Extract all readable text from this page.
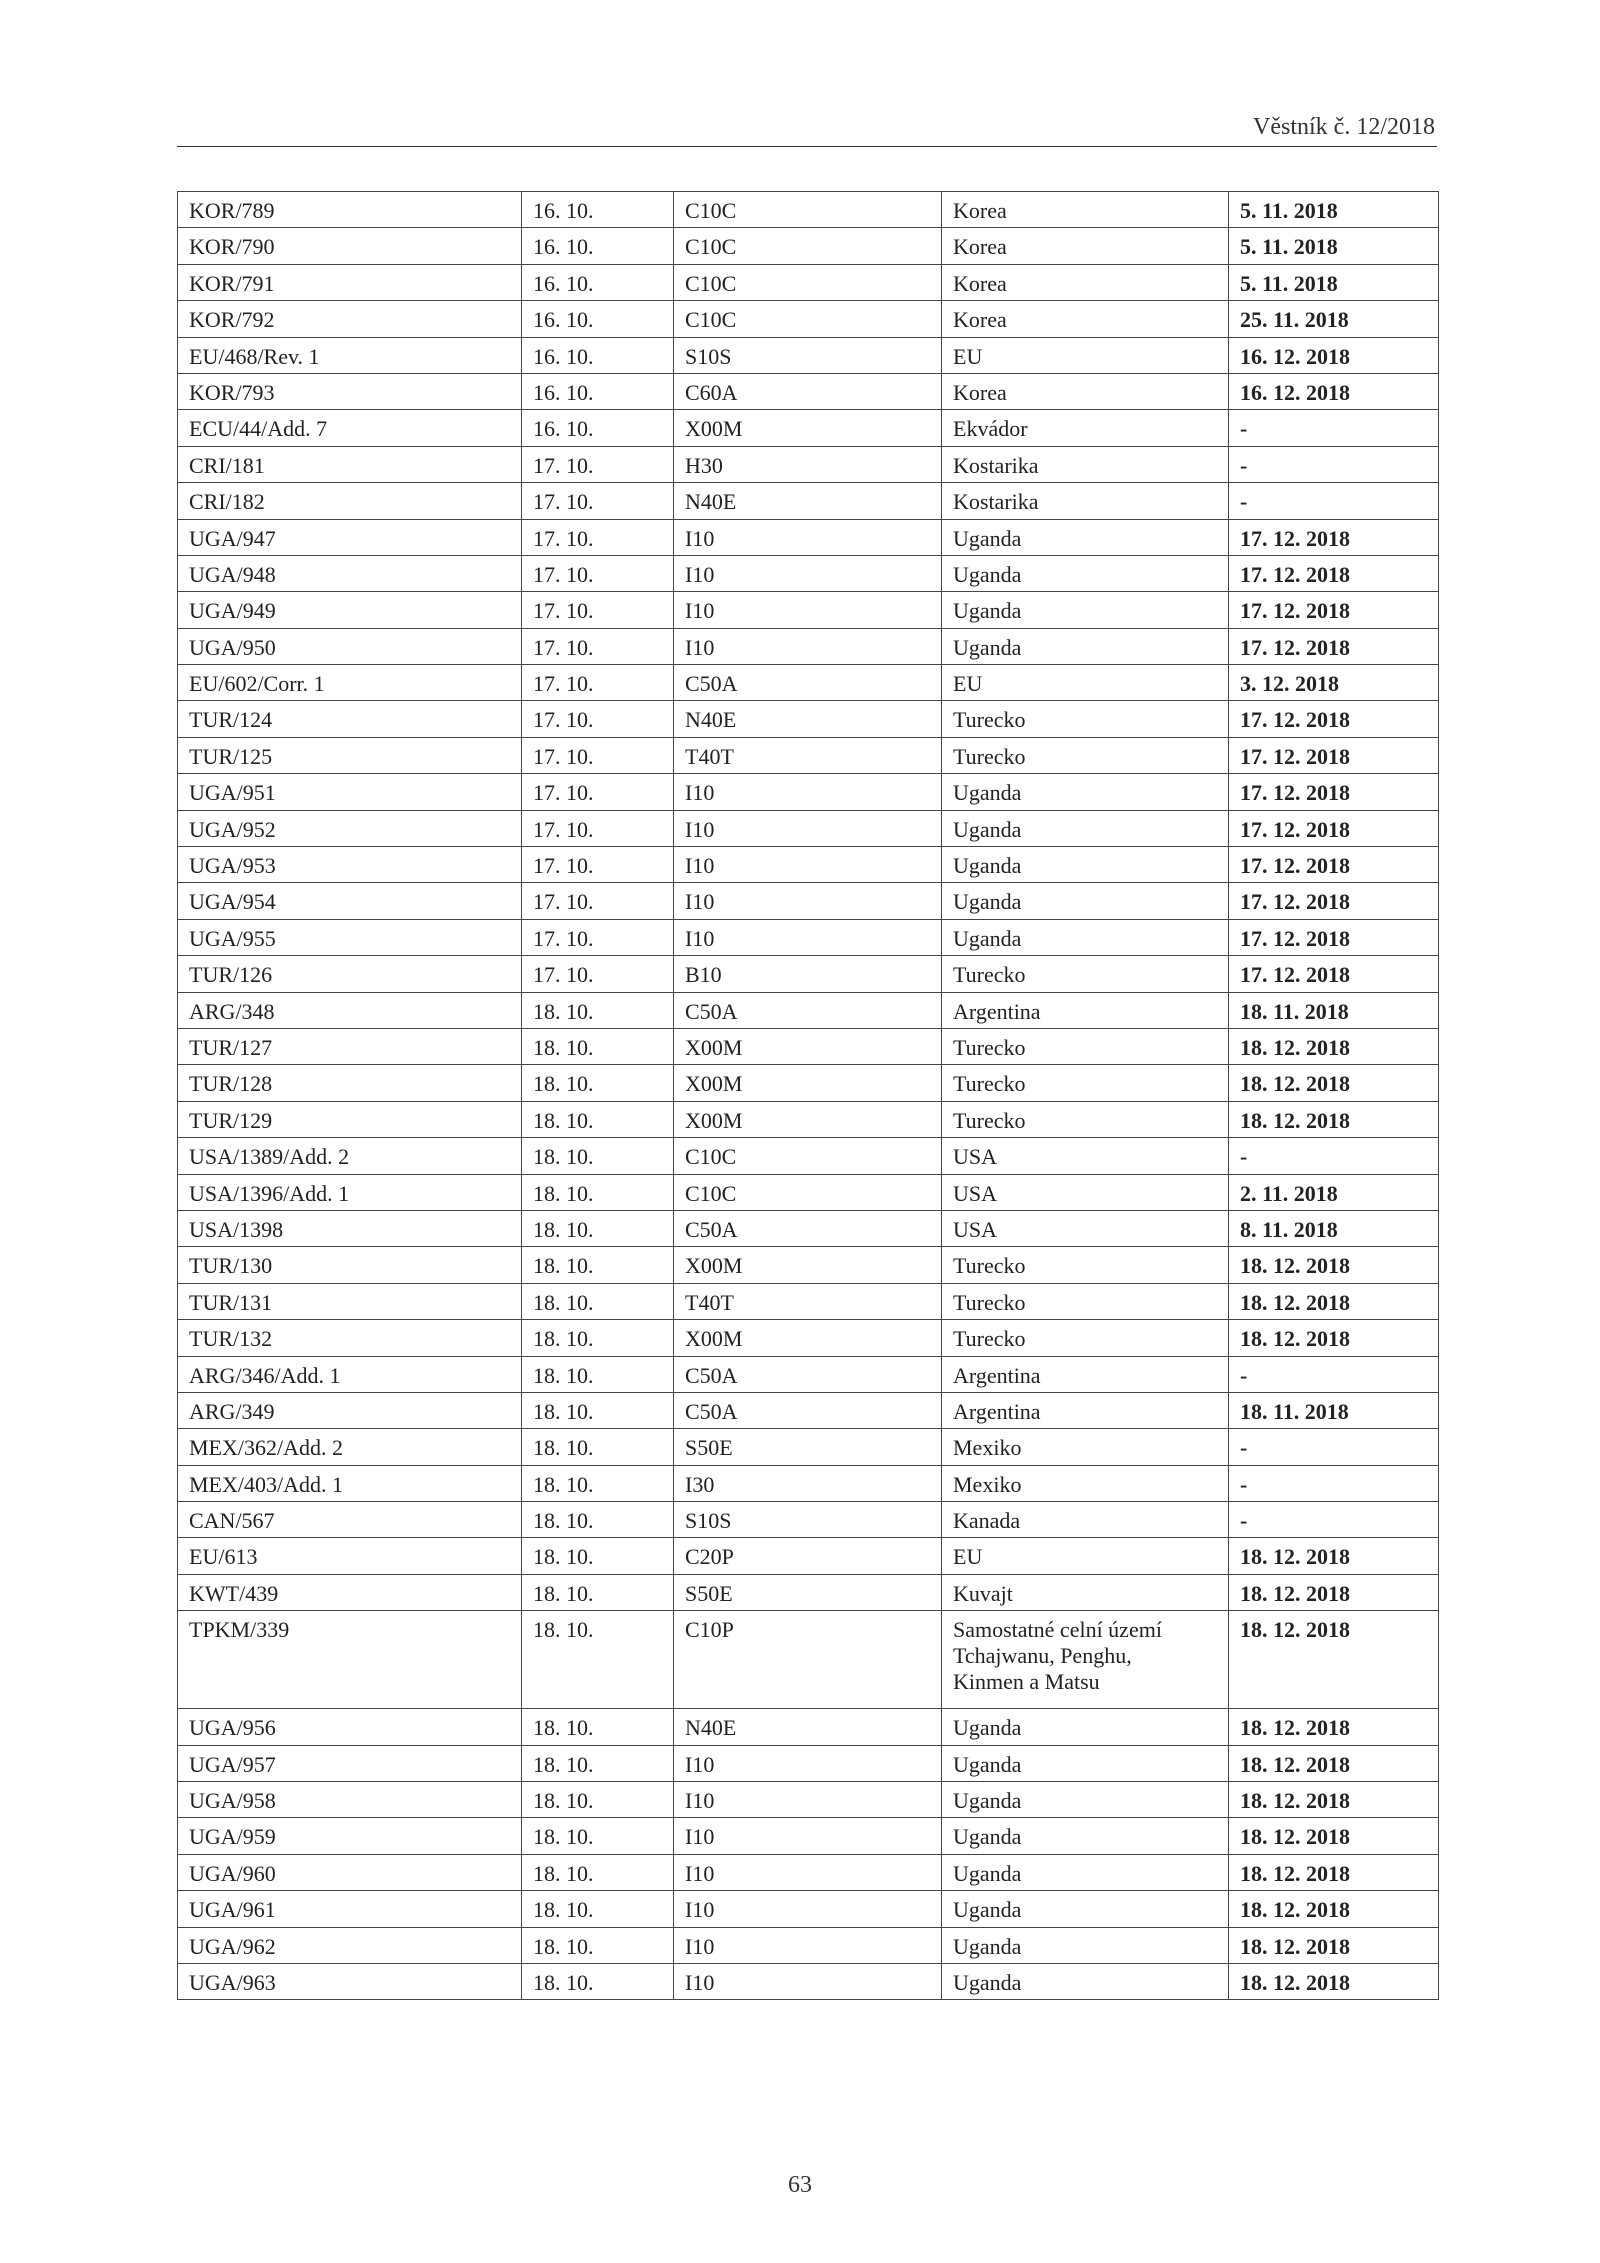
Věstník č. 12/2018
KOR/789	16. 10.	C10C	Korea	5. 11. 2018
KOR/790	16. 10.	C10C	Korea	5. 11. 2018
KOR/791	16. 10.	C10C	Korea	5. 11. 2018
KOR/792	16. 10.	C10C	Korea	25. 11. 2018
EU/468/Rev. 1	16. 10.	S10S	EU	16. 12. 2018
KOR/793	16. 10.	C60A	Korea	16. 12. 2018
ECU/44/Add. 7	16. 10.	X00M	Ekvádor	-
CRI/181	17. 10.	H30	Kostarika	-
CRI/182	17. 10.	N40E	Kostarika	-
UGA/947	17. 10.	I10	Uganda	17. 12. 2018
UGA/948	17. 10.	I10	Uganda	17. 12. 2018
UGA/949	17. 10.	I10	Uganda	17. 12. 2018
UGA/950	17. 10.	I10	Uganda	17. 12. 2018
EU/602/Corr. 1	17. 10.	C50A	EU	3. 12. 2018
TUR/124	17. 10.	N40E	Turecko	17. 12. 2018
TUR/125	17. 10.	T40T	Turecko	17. 12. 2018
UGA/951	17. 10.	I10	Uganda	17. 12. 2018
UGA/952	17. 10.	I10	Uganda	17. 12. 2018
UGA/953	17. 10.	I10	Uganda	17. 12. 2018
UGA/954	17. 10.	I10	Uganda	17. 12. 2018
UGA/955	17. 10.	I10	Uganda	17. 12. 2018
TUR/126	17. 10.	B10	Turecko	17. 12. 2018
ARG/348	18. 10.	C50A	Argentina	18. 11. 2018
TUR/127	18. 10.	X00M	Turecko	18. 12. 2018
TUR/128	18. 10.	X00M	Turecko	18. 12. 2018
TUR/129	18. 10.	X00M	Turecko	18. 12. 2018
USA/1389/Add. 2	18. 10.	C10C	USA	-
USA/1396/Add. 1	18. 10.	C10C	USA	2. 11. 2018
USA/1398	18. 10.	C50A	USA	8. 11. 2018
TUR/130	18. 10.	X00M	Turecko	18. 12. 2018
TUR/131	18. 10.	T40T	Turecko	18. 12. 2018
TUR/132	18. 10.	X00M	Turecko	18. 12. 2018
ARG/346/Add. 1	18. 10.	C50A	Argentina	-
ARG/349	18. 10.	C50A	Argentina	18. 11. 2018
MEX/362/Add. 2	18. 10.	S50E	Mexiko	-
MEX/403/Add. 1	18. 10.	I30	Mexiko	-
CAN/567	18. 10.	S10S	Kanada	-
EU/613	18. 10.	C20P	EU	18. 12. 2018
KWT/439	18. 10.	S50E	Kuvajt	18. 12. 2018
TPKM/339	18. 10.	C10P	Samostatné celní území
Tchajwanu, Penghu,
Kinmen a Matsu	18. 12. 2018
UGA/956	18. 10.	N40E	Uganda	18. 12. 2018
UGA/957	18. 10.	I10	Uganda	18. 12. 2018
UGA/958	18. 10.	I10	Uganda	18. 12. 2018
UGA/959	18. 10.	I10	Uganda	18. 12. 2018
UGA/960	18. 10.	I10	Uganda	18. 12. 2018
UGA/961	18. 10.	I10	Uganda	18. 12. 2018
UGA/962	18. 10.	I10	Uganda	18. 12. 2018
UGA/963	18. 10.	I10	Uganda	18. 12. 2018
63
